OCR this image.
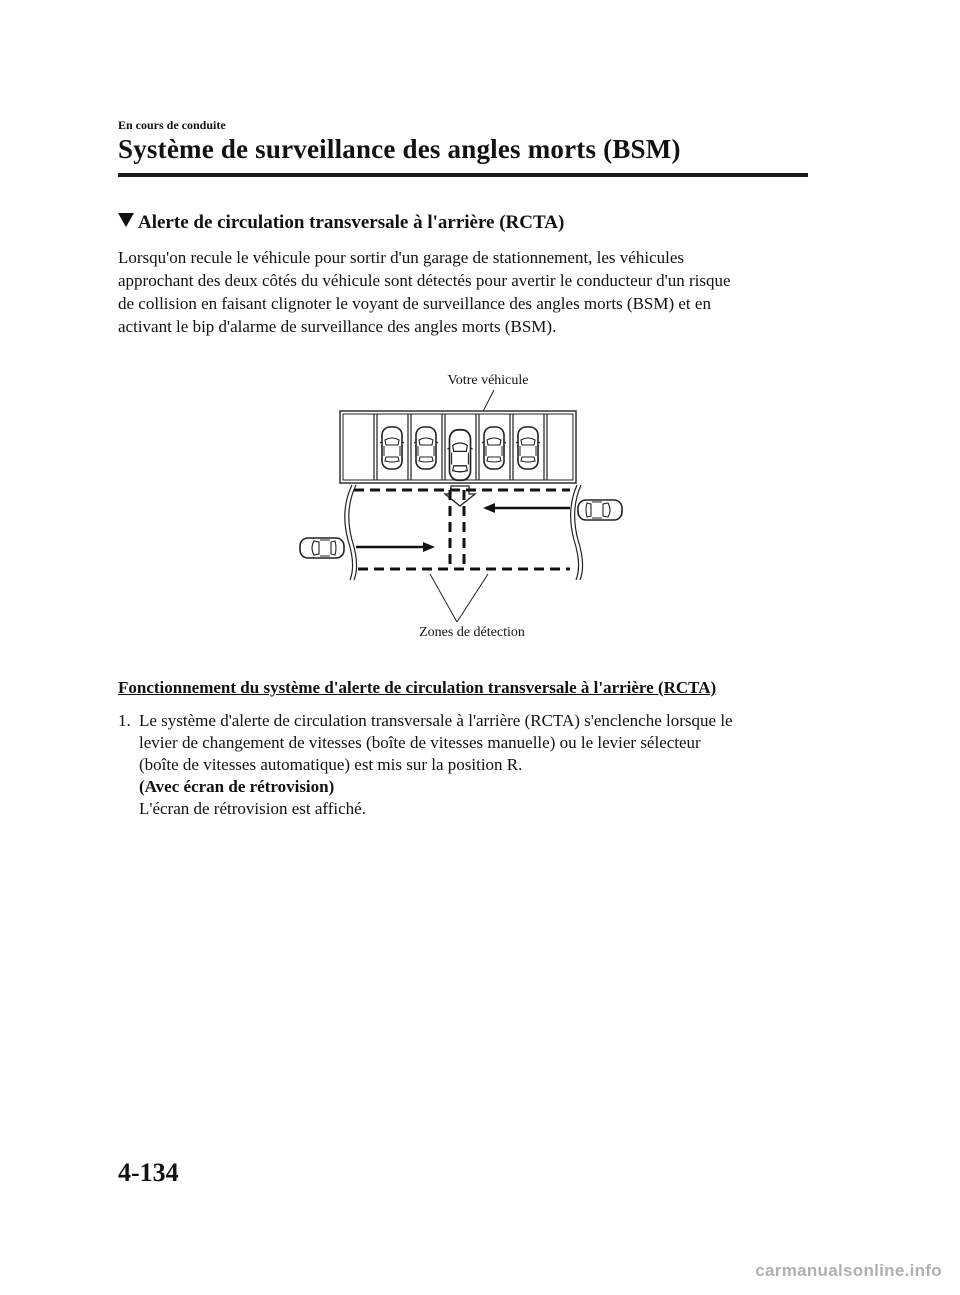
En cours de conduite
Système de surveillance des angles morts (BSM)
Alerte de circulation transversale à l'arrière (RCTA)
Lorsqu'on recule le véhicule pour sortir d'un garage de stationnement, les véhicules
approchant des deux côtés du véhicule sont détectés pour avertir le conducteur d'un risque
de collision en faisant clignoter le voyant de surveillance des angles morts (BSM) et en
activant le bip d'alarme de surveillance des angles morts (BSM).
Votre véhicule
Zones de détection
Fonctionnement du système d'alerte de circulation transversale à l'arrière (RCTA)
1. Le système d'alerte de circulation transversale à l'arrière (RCTA) s'enclenche lorsque le
levier de changement de vitesses (boîte de vitesses manuelle) ou le levier sélecteur
(boîte de vitesses automatique) est mis sur la position R.
(Avec écran de rétrovision)
L'écran de rétrovision est affiché.
4-134
carmanualsonline.info
